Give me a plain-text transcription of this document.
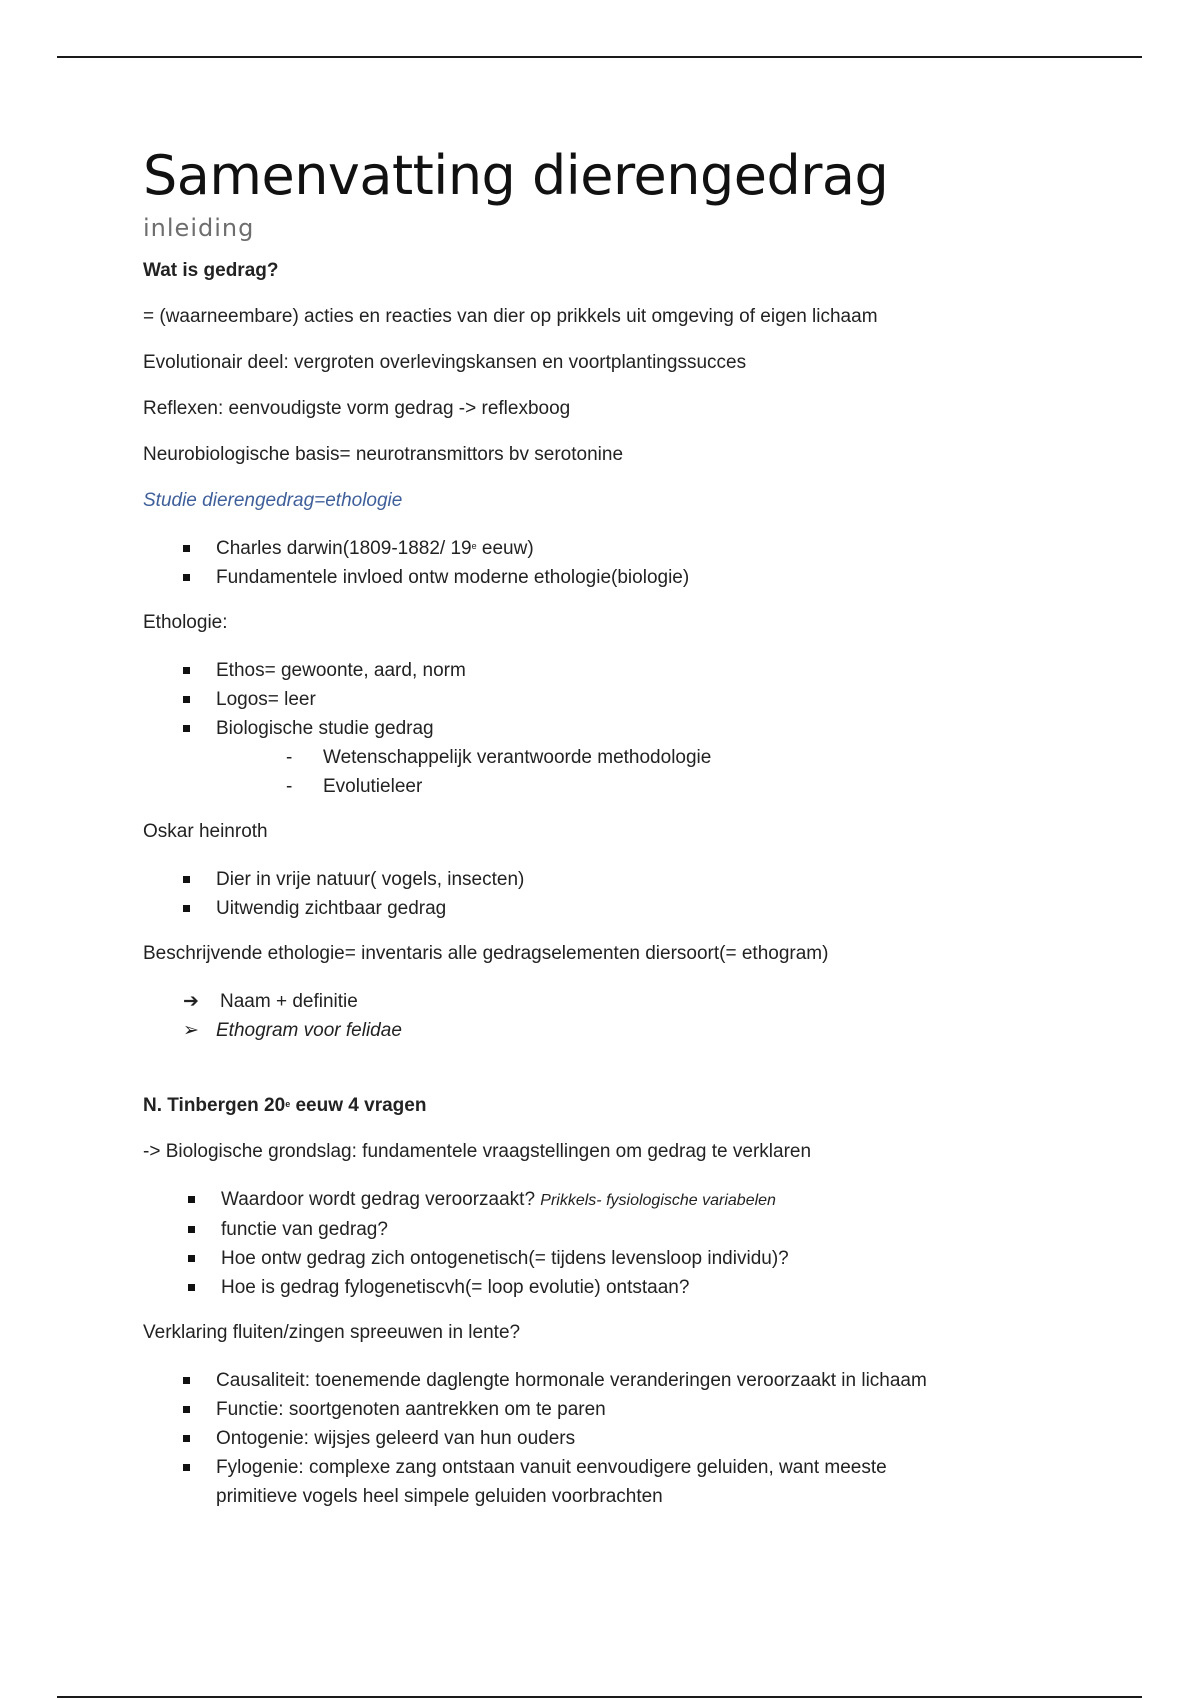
Samenvatting dierengedrag
inleiding

Wat is gedrag?

= (waarneembare) acties en reacties van dier op prikkels uit omgeving of eigen lichaam

Evolutionair deel: vergroten overlevingskansen en voortplantingssucces

Reflexen: eenvoudigste vorm gedrag -> reflexboog

Neurobiologische basis= neurotransmittors bv serotonine

Studie dierengedrag=ethologie

Charles darwin(1809-1882/ 19e eeuw)
Fundamentele invloed ontw moderne ethologie(biologie)

Ethologie:

Ethos= gewoonte, aard, norm
Logos= leer
Biologische studie gedrag
- Wetenschappelijk verantwoorde methodologie
- Evolutieleer

Oskar heinroth

Dier in vrije natuur( vogels, insecten)
Uitwendig zichtbaar gedrag

Beschrijvende ethologie= inventaris alle gedragselementen diersoort(= ethogram)

➔ Naam + definitie
➢ Ethogram voor felidae

N. Tinbergen 20e eeuw 4 vragen

-> Biologische grondslag: fundamentele vraagstellingen om gedrag te verklaren

Waardoor wordt gedrag veroorzaakt? Prikkels- fysiologische variabelen
functie van gedrag?
Hoe ontw gedrag zich ontogenetisch(= tijdens levensloop individu)?
Hoe is gedrag fylogenetiscvh(= loop evolutie) ontstaan?

Verklaring fluiten/zingen spreeuwen in lente?

Causaliteit: toenemende daglengte hormonale veranderingen veroorzaakt in lichaam
Functie: soortgenoten aantrekken om te paren
Ontogenie: wijsjes geleerd van hun ouders
Fylogenie: complexe zang ontstaan vanuit eenvoudigere geluiden, want meeste primitieve vogels heel simpele geluiden voorbrachten
